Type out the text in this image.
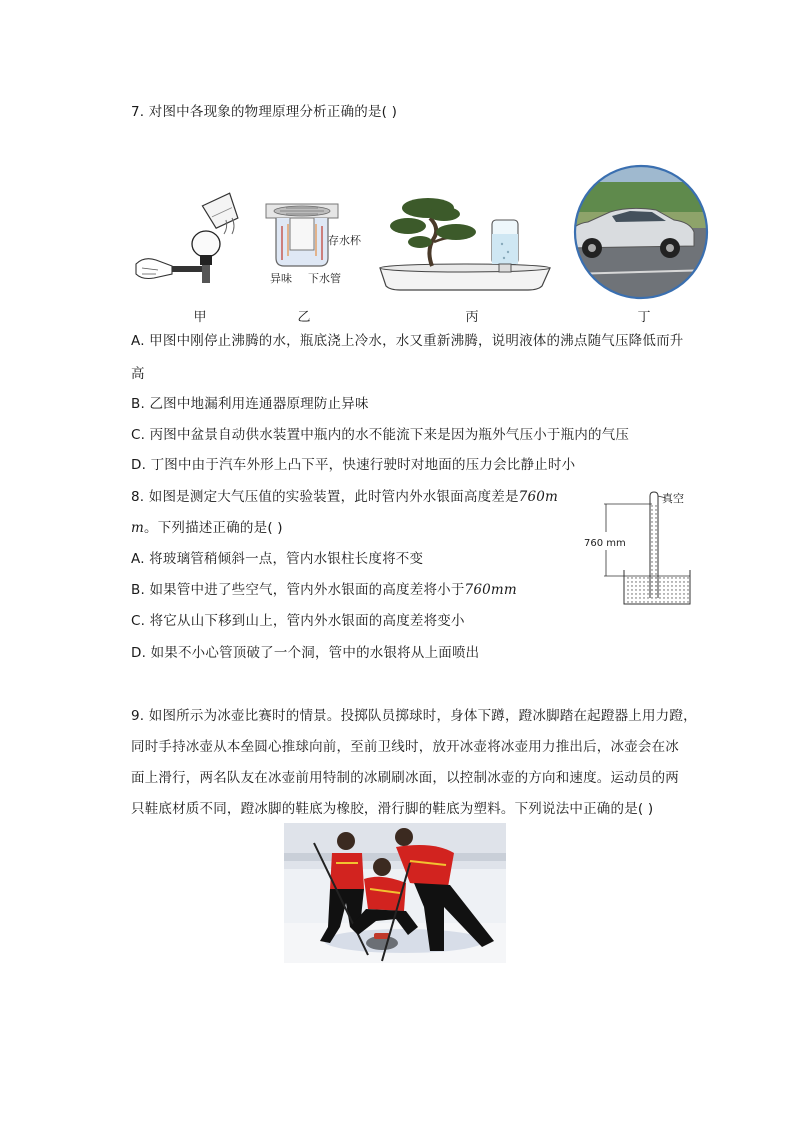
7. 对图中各现象的物理原理分析正确的是( )
存水杯
异味 下水管
甲	乙	丙	丁
A. 甲图中刚停止沸腾的水，瓶底浇上冷水，水又重新沸腾，说明液体的沸点随气压降低而升
高
B. 乙图中地漏利用连通器原理防止异味
C. 丙图中盆景自动供水装置中瓶内的水不能流下来是因为瓶外气压小于瓶内的气压
D. 丁图中由于汽车外形上凸下平，快速行驶时对地面的压力会比静止时小
8. 如图是测定大气压值的实验装置，此时管内外水银面高度差是760m
m。下列描述正确的是( )
760 mm
真空
A. 将玻璃管稍倾斜一点，管内水银柱长度将不变
B. 如果管中进了些空气，管内外水银面的高度差将小于760mm
C. 将它从山下移到山上，管内外水银面的高度差将变小
D. 如果不小心管顶破了一个洞，管中的水银将从上面喷出
9. 如图所示为冰壶比赛时的情景。投掷队员掷球时，身体下蹲，蹬冰脚踏在起蹬器上用力蹬，
同时手持冰壶从本垒圆心推球向前，至前卫线时，放开冰壶将冰壶用力推出后，冰壶会在冰
面上滑行，两名队友在冰壶前用特制的冰刷刷冰面，以控制冰壶的方向和速度。运动员的两
只鞋底材质不同，蹬冰脚的鞋底为橡胶，滑行脚的鞋底为塑料。下列说法中正确的是( )
